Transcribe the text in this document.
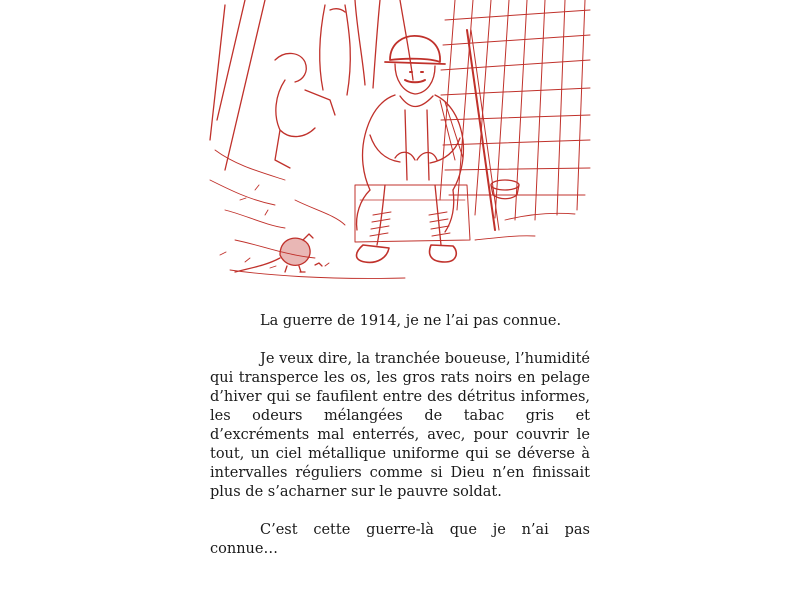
La guerre de 1914, je ne l’ai pas connue.

Je veux dire, la tranchée boueuse, l’humidité qui transperce les os, les gros rats noirs en pelage d’hiver qui se faufilent entre des détritus informes, les odeurs mélangées de tabac gris et d’excréments mal enterrés, avec, pour couvrir le tout, un ciel métallique uniforme qui se déverse à intervalles réguliers comme si Dieu n’en finissait plus de s’acharner sur le pauvre soldat.

C’est cette guerre-là que je n’ai pas connue…
